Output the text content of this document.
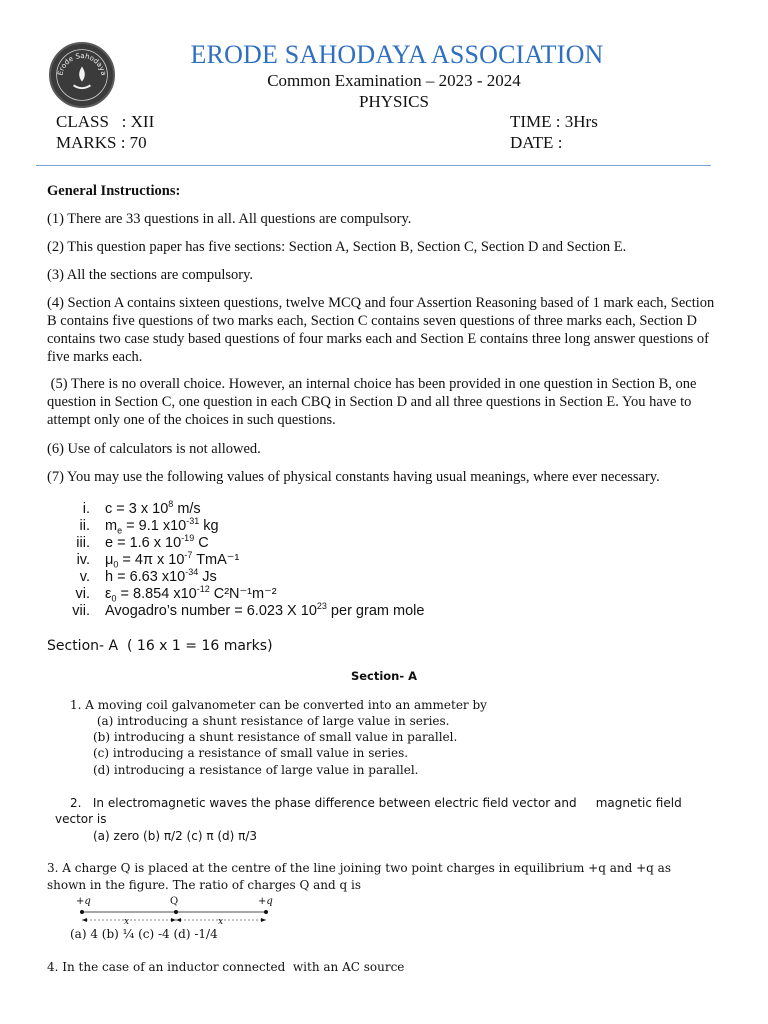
Erode Sahodaya
ERODE SAHODAYA ASSOCIATION
Common Examination – 2023 - 2024
PHYSICS
CLASS   : XII	TIME : 3Hrs
MARKS : 70	DATE :
General Instructions:
(1) There are 33 questions in all. All questions are compulsory.
(2) This question paper has five sections: Section A, Section B, Section C, Section D and Section E.
(3) All the sections are compulsory.
(4) Section A contains sixteen questions, twelve MCQ and four Assertion Reasoning based of 1 mark each, Section B contains five questions of two marks each, Section C contains seven questions of three marks each, Section D contains two case study based questions of four marks each and Section E contains three long answer questions of five marks each.
(5) There is no overall choice. However, an internal choice has been provided in one question in Section B, one question in Section C, one question in each CBQ in Section D and all three questions in Section E. You have to attempt only one of the choices in such questions.
(6) Use of calculators is not allowed.
(7) You may use the following values of physical constants having usual meanings, where ever necessary.
i. c = 3 x $10^8$ m/s
ii. $m_e = 9.1$ $x10^{-31}$ kg
iii. e = 1.6 x $10^{-19}$ C
iv. $\mu_0 = 4\pi$ x $10^{-7}$ TmA⁻¹
v. h = 6.63 $x10^{-34}$ Js
vi. $\varepsilon_0 = 8.854$ $x10^{-12}$ C²N⁻¹m⁻²
vii. Avogadro’s number = 6.023 X $10^{23}$ per gram mole
Section- A  ( 16 x 1 = 16 marks)
Section- A
1. A moving coil galvanometer can be converted into an ammeter by
(a) introducing a shunt resistance of large value in series.
(b) introducing a shunt resistance of small value in parallel.
(c) introducing a resistance of small value in series.
(d) introducing a resistance of large value in parallel.
2.   In electromagnetic waves the phase difference between electric field vector and     magnetic field
vector is
(a) zero (b) π/2 (c) π (d) π/3
3. A charge Q is placed at the centre of the line joining two point charges in equilibrium +q and +q as
shown in the figure. The ratio of charges Q and q is
+q	Q	+q
x	x
(a) 4 (b) ¼ (c) -4 (d) -1/4
4. In the case of an inductor connected  with an AC source
